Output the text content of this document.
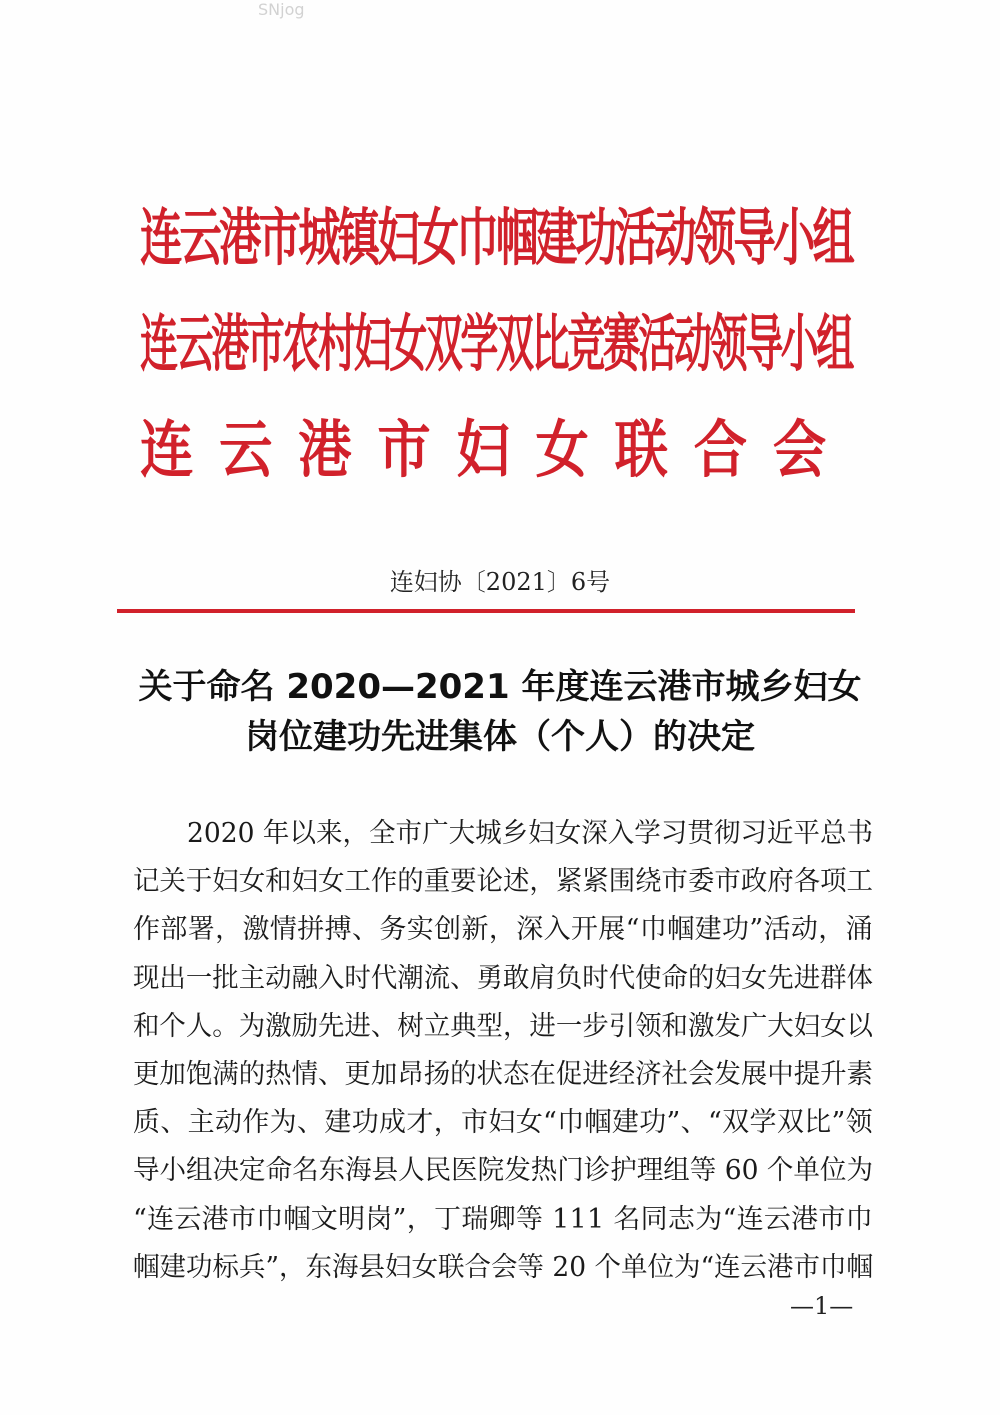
SNjog
连云港市城镇妇女巾帼建功活动领导小组
连云港市农村妇女双学双比竞赛活动领导小组
连云港市妇女联合会
连妇协〔2021〕6号
关于命名 2020—2021 年度连云港市城乡妇女
岗位建功先进集体（个人）的决定
2020 年以来，全市广大城乡妇女深入学习贯彻习近平总书
记关于妇女和妇女工作的重要论述，紧紧围绕市委市政府各项工
作部署，激情拼搏、务实创新，深入开展“巾帼建功”活动，涌
现出一批主动融入时代潮流、勇敢肩负时代使命的妇女先进群体
和个人。为激励先进、树立典型，进一步引领和激发广大妇女以
更加饱满的热情、更加昂扬的状态在促进经济社会发展中提升素
质、主动作为、建功成才，市妇女“巾帼建功”、“双学双比”领
导小组决定命名东海县人民医院发热门诊护理组等 60 个单位为
“连云港市巾帼文明岗”，丁瑞卿等 111 名同志为“连云港市巾
帼建功标兵”，东海县妇女联合会等 20 个单位为“连云港市巾帼
—1—
